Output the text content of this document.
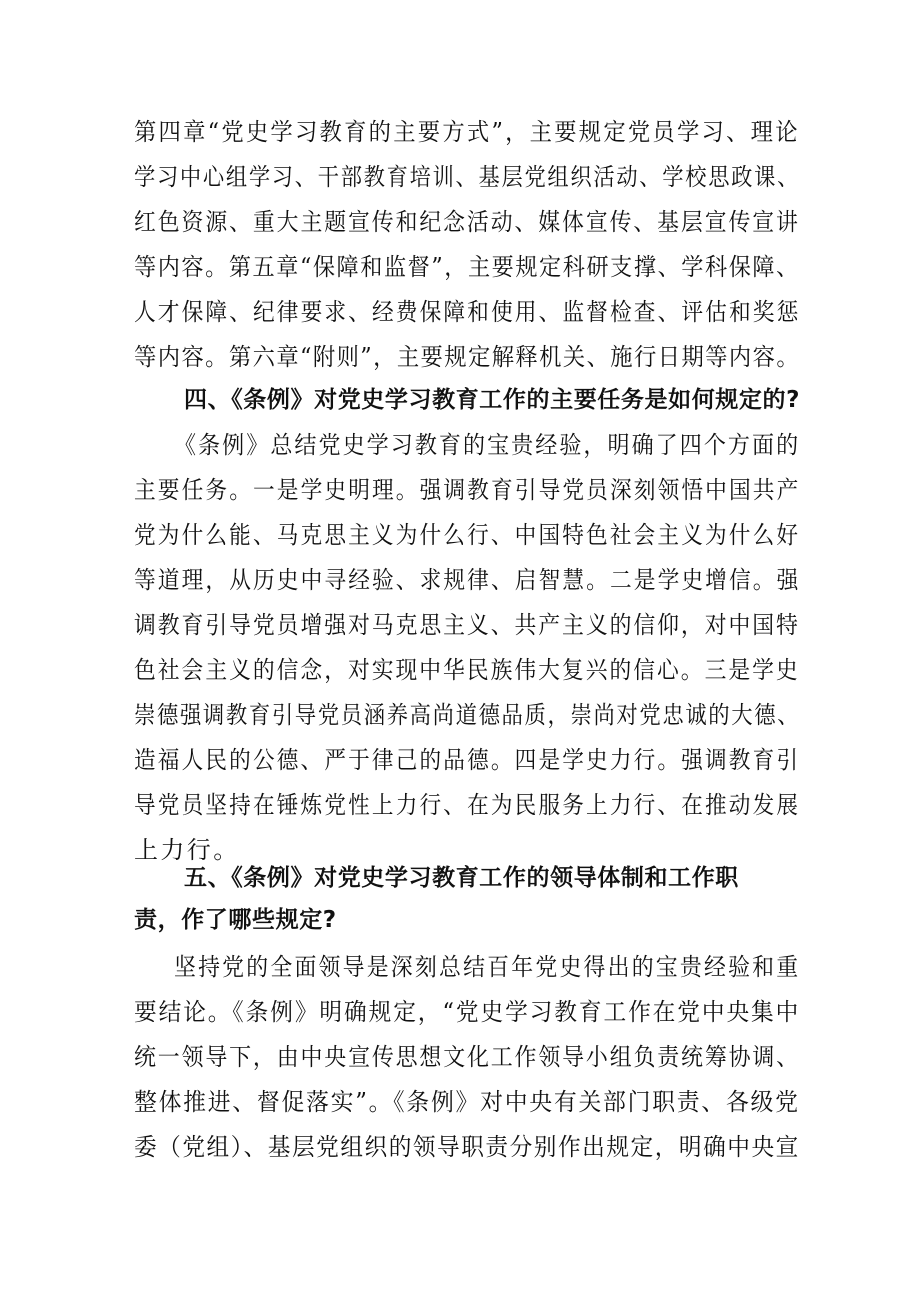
第四章“党史学习教育的主要方式”，主要规定党员学习、理论

学习中心组学习、干部教育培训、基层党组织活动、学校思政课、

红色资源、重大主题宣传和纪念活动、媒体宣传、基层宣传宣讲

等内容。第五章“保障和监督”，主要规定科研支撑、学科保障、

人才保障、纪律要求、经费保障和使用、监督检查、评估和奖惩

等内容。第六章“附则”，主要规定解释机关、施行日期等内容。

四、《条例》对党史学习教育工作的主要任务是如何规定的?

《条例》总结党史学习教育的宝贵经验，明确了四个方面的

主要任务。一是学史明理。强调教育引导党员深刻领悟中国共产

党为什么能、马克思主义为什么行、中国特色社会主义为什么好

等道理，从历史中寻经验、求规律、启智慧。二是学史增信。强

调教育引导党员增强对马克思主义、共产主义的信仰，对中国特

色社会主义的信念，对实现中华民族伟大复兴的信心。三是学史

崇德强调教育引导党员涵养高尚道德品质，崇尚对党忠诚的大德、

造福人民的公德、严于律己的品德。四是学史力行。强调教育引

导党员坚持在锤炼党性上力行、在为民服务上力行、在推动发展

上力行。

五、《条例》对党史学习教育工作的领导体制和工作职
责，作了哪些规定?

坚持党的全面领导是深刻总结百年党史得出的宝贵经验和重

要结论。《条例》明确规定，“党史学习教育工作在党中央集中

统一领导下，由中央宣传思想文化工作领导小组负责统筹协调、

整体推进、督促落实”。《条例》对中央有关部门职责、各级党

委（党组）、基层党组织的领导职责分别作出规定，明确中央宣
